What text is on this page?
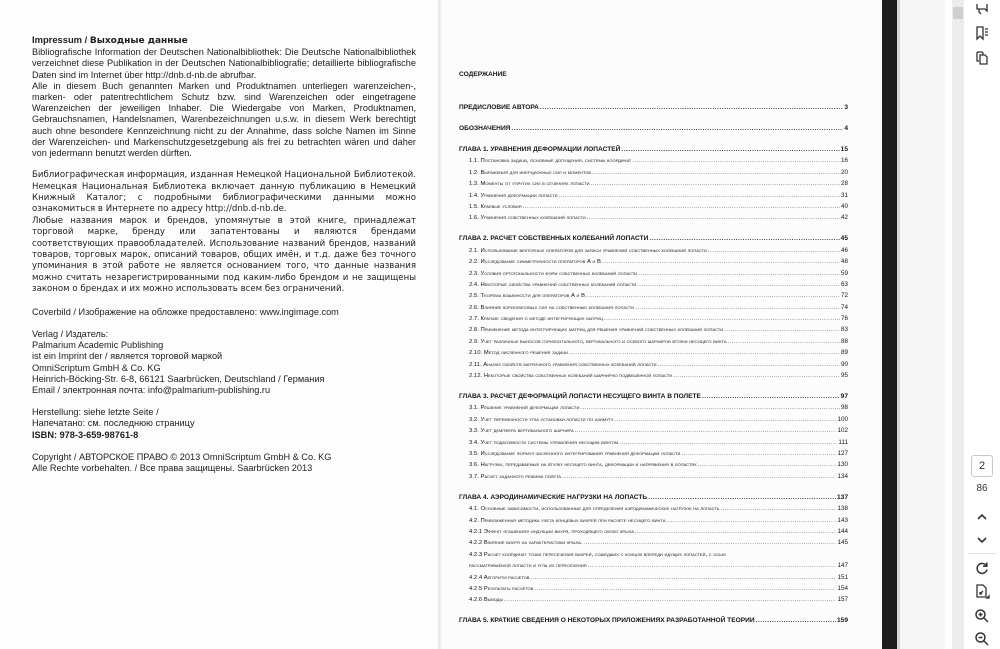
Impressum / Выходные данные

Bibliografische Information der Deutschen Nationalbibliothek: Die Deutsche Nationalbibliothek verzeichnet diese Publikation in der Deutschen Nationalbibliografie; detaillierte bibliografische Daten sind im Internet über http://dnb.d-nb.de abrufbar.

Alle in diesem Buch genannten Marken und Produktnamen unterliegen warenzeichen-, marken- oder patentrechtlichem Schutz bzw. sind Warenzeichen oder eingetragene Warenzeichen der jeweiligen Inhaber. Die Wiedergabe von Marken, Produktnamen, Gebrauchsnamen, Handelsnamen, Warenbezeichnungen u.s.w. in diesem Werk berechtigt auch ohne besondere Kennzeichnung nicht zu der Annahme, dass solche Namen im Sinne der Warenzeichen- und Markenschutzgesetzgebung als frei zu betrachten wären und daher von jedermann benutzt werden dürften.

Библиографическая информация, изданная Немецкой Национальной Библиотекой. Немецкая Национальная Библиотека включает данную публикацию в Немецкий Книжный Каталог; с подробными библиографическими данными можно ознакомиться в Интернете по адресу http://dnb.d-nb.de.

Любые названия марок и брендов, упомянутые в этой книге, принадлежат торговой марке, бренду или запатентованы и являются брендами соответствующих правообладателей. Использование названий брендов, названий товаров, торговых марок, описаний товаров, общих имён, и т.д. даже без точного упоминания в этой работе не является основанием того, что данные названия можно считать незарегистрированными под каким-либо брендом и не защищены законом о брендах и их можно использовать всем без ограничений.

Coverbild / Изображение на обложке предоставлено: www.ingimage.com

Verlag / Издатель:
Palmarium Academic Publishing
ist ein Imprint der / является торговой маркой
OmniScriptum GmbH & Co. KG
Heinrich-Böcking-Str. 6-8, 66121 Saarbrücken, Deutschland / Германия
Email / электронная почта: info@palmarium-publishing.ru
Herstellung: siehe letzte Seite /
Напечатано: см. последнюю страницу
ISBN: 978-3-659-98761-8
Copyright / АВТОРСКОЕ ПРАВО © 2013 OmniScriptum GmbH & Co. KG
Alle Rechte vorbehalten. / Все права защищены. Saarbrücken 2013
СОДЕРЖАНИЕ
ПРЕДИСЛОВИЕ АВТОРА .....	3
ОБОЗНАЧЕНИЯ .....	4
ГЛАВА 1. УРАВНЕНИЯ ДЕФОРМАЦИИ ЛОПАСТЕЙ .....	15
1.1. Постановка задачи, основные допущения, системы координат .....	16
1.2. Выражения для инерционных сил и моментов .....	20
1.3. Моменты от упругих сил в сечениях лопасти .....	28
1.4. Уравнения деформации лопасти .....	31
1.5. Краевые условия .....	40
1.6. Уравнения собственных колебаний лопасти .....	42
ГЛАВА 2. РАСЧЕТ СОБСТВЕННЫХ КОЛЕБАНИЙ ЛОПАСТИ .....	45
2.1. Использование векторных операторов для записи уравнений собственных колебаний лопасти .....	46
2.2. Исследование симметричности операторов А и В .....	48
2.3. Условия ортогональности форм собственных колебаний лопасти .....	59
2.4. Некоторые свойства уравнений собственных колебаний лопасти .....	63
2.5. Теорема взаимности для операторов А и В .....	72
2.6. Влияние кориолисовых сил на собственные колебания лопасти .....	74
2.7. Краткие сведения о методе интегрирующих матриц .....	76
2.8. Применение метода интегрирующих матриц для решения уравнений собственных колебаний лопасти .....	83
2.9. Учет различных выносов горизонтального, вертикального и осевого шарниров втулки несущего винта .....	88
2.10. Метод численного решения задачи .....	89
2.11. Анализ свойств матричного уравнения собственных колебаний лопасти .....	90
2.12. Некоторые свойства собственных колебаний шарнирно подвешенной лопасти .....	95
ГЛАВА 3. РАСЧЕТ ДЕФОРМАЦИЙ ЛОПАСТИ НЕСУЩЕГО ВИНТА В ПОЛЕТЕ .....	97
3.1. Решение уравнений деформации лопасти .....	98
3.2. Учет переменности угла установки лопасти по азимуту .....	100
3.3. Учет демпфера вертикального шарнира .....	102
3.4. Учет податливости системы управления несущим винтом .....	111
3.5. Исследование формул численного интегрирования уравнения деформации лопасти .....	127
3.6. Нагрузки, передаваемые на втулку несущего винта, деформации и напряжения в лопастях .....	130
3.7. Расчет заданного режима полета .....	134
ГЛАВА 4. АЭРОДИНАМИЧЕСКИЕ НАГРУЗКИ НА ЛОПАСТЬ .....	137
4.1. Основные зависимости, использованные для определения аэродинамических нагрузок на лопасть .....	138
4.2. Приближенная методика учета концевых вихрей при расчете несущего винта .....	143
4.2.1 Эффект «гашения» индукции вихря, проходящего около крыла .....	144
4.2.2 Влияние вихря на характеристики крыла. .....	145
4.2.3 Расчет координат точки пересечения вихрей, сошедших с концов впереди идущих лопастей, с осью
рассматриваемой лопасти и угла их пересечения .....	147
4.2.4 Алгоритм расчетов .....	151
4.2.5 Результаты расчетов .....	154
4.2.6 Выводы .....	157
ГЛАВА 5. КРАТКИЕ СВЕДЕНИЯ О НЕКОТОРЫХ ПРИЛОЖЕНИЯХ РАЗРАБОТАННОЙ ТЕОРИИ .....	159
2
86
